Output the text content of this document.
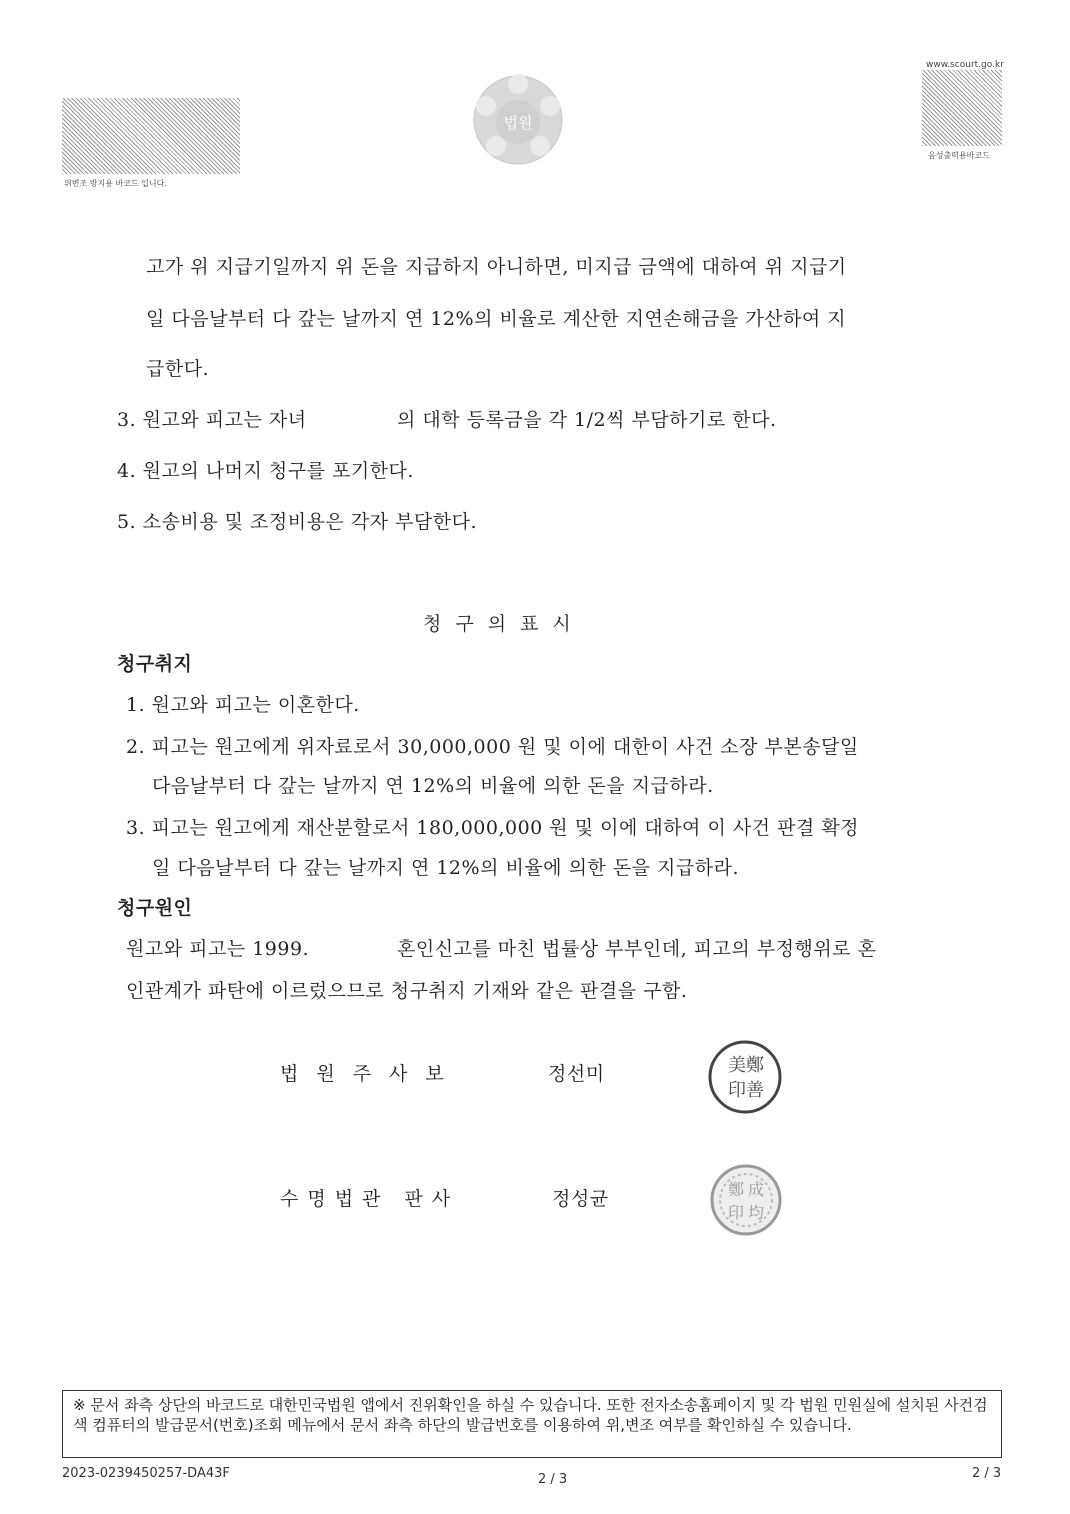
위변조 방지용 바코드 입니다.
법원
www.scourt.go.kr
음성출력용바코드
고가 위 지급기일까지 위 돈을 지급하지 아니하면, 미지급 금액에 대하여 위 지급기
일 다음날부터 다 갚는 날까지 연 12%의 비율로 계산한 지연손해금을 가산하여 지
급한다.
3. 원고와 피고는 자녀	의 대학 등록금을 각 1/2씩 부담하기로 한다.
4. 원고의 나머지 청구를 포기한다.
5. 소송비용 및 조정비용은 각자 부담한다.
청구의표시
청구취지
1. 원고와 피고는 이혼한다.
2. 피고는 원고에게 위자료로서 30,000,000 원 및 이에 대한이 사건 소장 부본송달일
다음날부터 다 갚는 날까지 연 12%의 비율에 의한 돈을 지급하라.
3. 피고는 원고에게 재산분할로서 180,000,000 원 및 이에 대하여 이 사건 판결 확정
일 다음날부터 다 갚는 날까지 연 12%의 비율에 의한 돈을 지급하라.
청구원인
원고와 피고는 1999.	혼인신고를 마친 법률상 부부인데, 피고의 부정행위로 혼
인관계가 파탄에 이르렀으므로 청구취지 기재와 같은 판결을 구함.
법원주사보	정선미	美 鄭
印 善
수명법관 판사	정성균	鄭 成
印 均
※ 문서 좌측 상단의 바코드로 대한민국법원 앱에서 진위확인을 하실 수 있습니다. 또한 전자소송홈페이지 및 각 법원 민원실에 설치된 사건검색 컴퓨터의 발급문서(번호)조회 메뉴에서 문서 좌측 하단의 발급번호를 이용하여 위,변조 여부를 확인하실 수 있습니다.
2023-0239450257-DA43F	2 / 3	2 / 3
